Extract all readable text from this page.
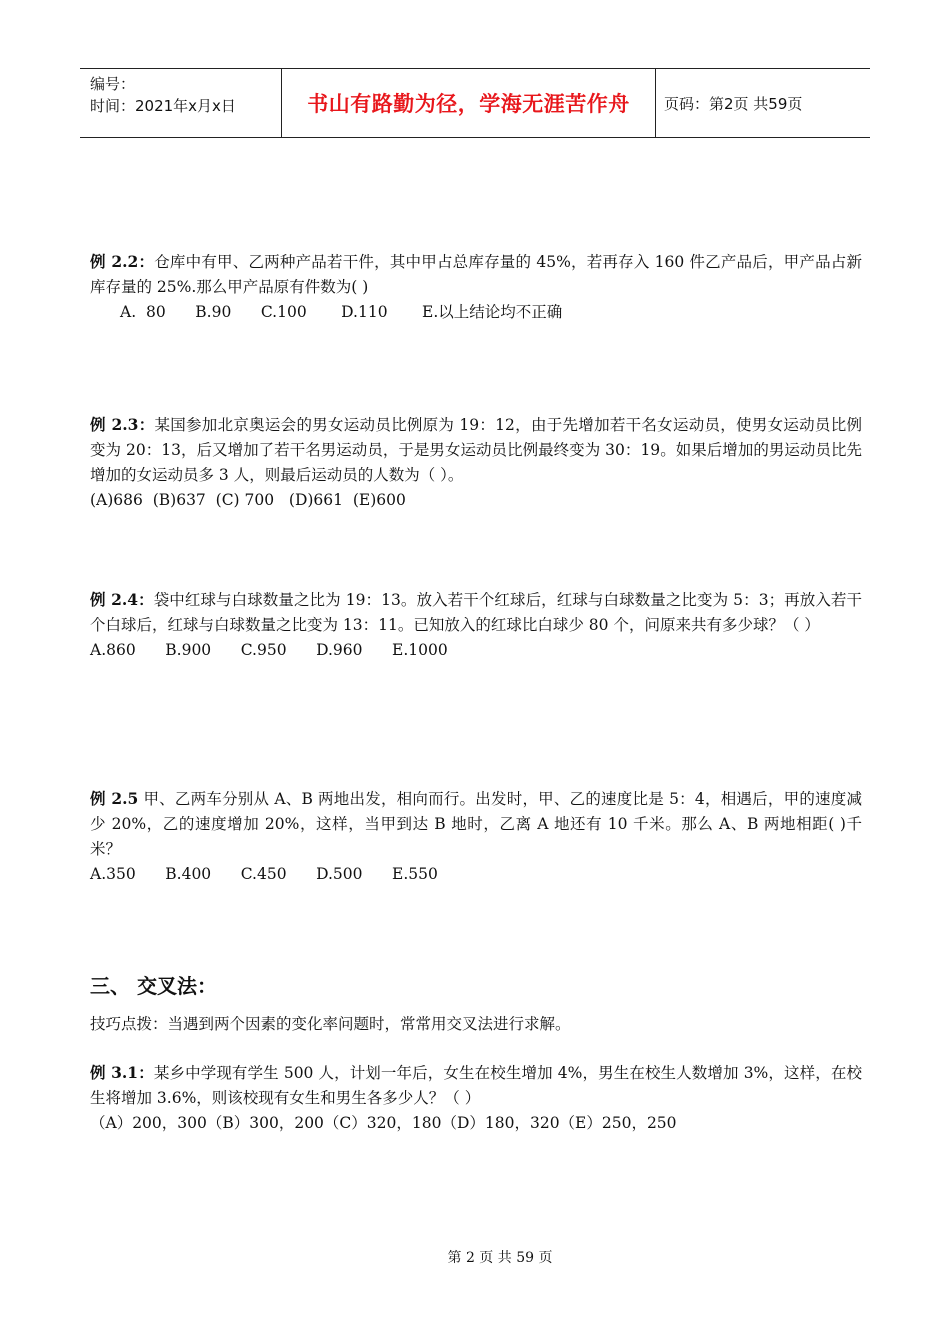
编号：
时间：2021年x月x日	书山有路勤为径，学海无涯苦作舟 页码：第2页 共59页

例 2.2：仓库中有甲、乙两种产品若干件，其中甲占总库存量的 45%，若再存入 160 件乙产品后，甲产品占新库存量的 25%.那么甲产品原有件数为( )

A.  80      B.90      C.100       D.110       E.以上结论均不正确

例 2.3：某国参加北京奥运会的男女运动员比例原为 19：12，由于先增加若干名女运动员，使男女运动员比例变为 20：13，后又增加了若干名男运动员，于是男女运动员比例最终变为 30：19。如果后增加的男运动员比先增加的女运动员多 3 人，则最后运动员的人数为（ ）。

(A)686  (B)637  (C) 700   (D)661  (E)600

例 2.4：袋中红球与白球数量之比为 19：13。放入若干个红球后，红球与白球数量之比变为 5：3；再放入若干个白球后，红球与白球数量之比变为 13：11。已知放入的红球比白球少 80 个，问原来共有多少球？（ ）

A.860      B.900      C.950      D.960      E.1000

例 2.5 甲、乙两车分别从 A、B 两地出发，相向而行。出发时，甲、乙的速度比是 5：4，相遇后，甲的速度减少 20%，乙的速度增加 20%，这样，当甲到达 B 地时，乙离 A 地还有 10 千米。那么 A、B 两地相距( )千米？

A.350      B.400      C.450      D.500      E.550

三、 交叉法：

技巧点拨：当遇到两个因素的变化率问题时，常常用交叉法进行求解。

例 3.1：某乡中学现有学生 500 人，计划一年后，女生在校生增加 4%，男生在校生人数增加 3%，这样，在校生将增加 3.6%，则该校现有女生和男生各多少人？（ ）

（A）200，300（B）300，200（C）320，180（D）180，320（E）250，250

第 2 页 共 59 页
